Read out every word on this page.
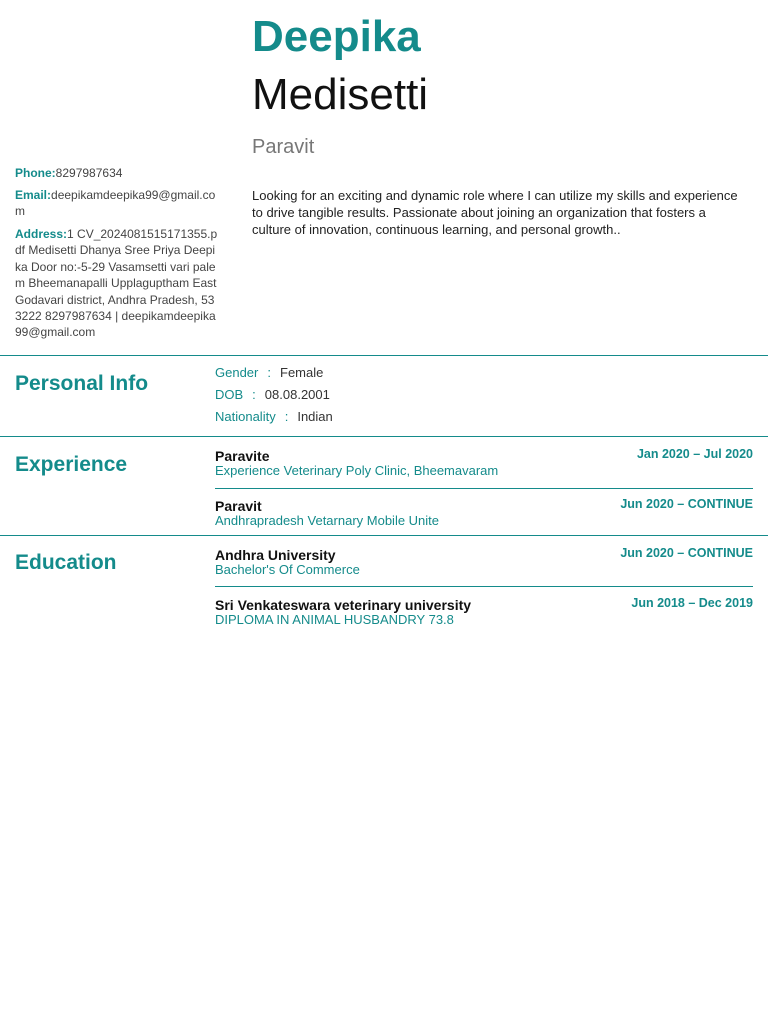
Deepika
Medisetti
Paravit
Phone:8297987634
Email:deepikamdeepika99@gmail.com
Address:1 CV_2024081515171355.pdf Medisetti Dhanya Sree Priya Deepika Door no:-5-29 Vasamsetti vari palem Bheemanapalli Upplaguptham East Godavari district, Andhra Pradesh, 533222 8297987634 | deepikamdeepika99@gmail.com
Looking for an exciting and dynamic role where I can utilize my skills and experience to drive tangible results. Passionate about joining an organization that fosters a culture of innovation, continuous learning, and personal growth..
Personal Info	Gender : Female
DOB : 08.08.2001
Nationality : Indian
Experience	Paravite
Experience Veterinary Poly Clinic, Bheemavaram
Jan 2020 – Jul 2020
Paravit
Andhrapradesh Vetarnary Mobile Unite
Jun 2020 – CONTINUE
Education	Andhra University
Bachelor's Of Commerce
Jun 2020 – CONTINUE
Sri Venkateswara veterinary university
DIPLOMA IN ANIMAL HUSBANDRY 73.8
Jun 2018 – Dec 2019
